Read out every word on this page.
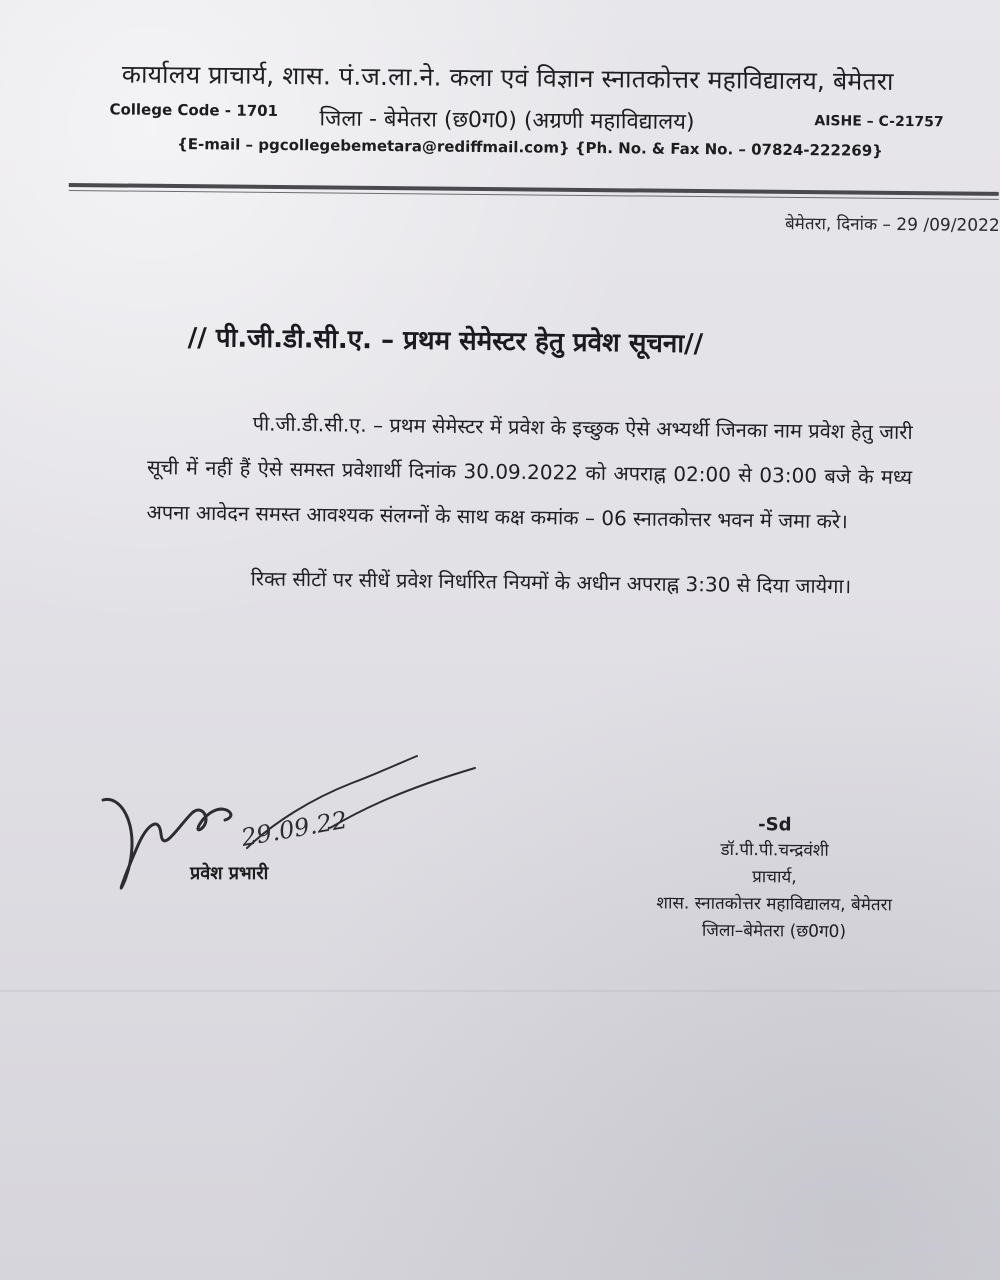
कार्यालय प्राचार्य, शास. पं.ज.ला.ने. कला एवं विज्ञान स्नातकोत्तर महाविद्यालय, बेमेतरा
College Code - 1701 जिला - बेमेतरा (छ0ग0) (अग्रणी महाविद्यालय)	AISHE – C-21757
{E-mail – pgcollegebemetara@rediffmail.com} {Ph. No. & Fax No. – 07824-222269}
बेमेतरा, दिनांक – 29 /09/2022
// पी.जी.डी.सी.ए. – प्रथम सेमेस्टर हेतु प्रवेश सूचना//

पी.जी.डी.सी.ए. – प्रथम सेमेस्टर में प्रवेश के इच्छुक ऐसे अभ्यर्थी जिनका नाम प्रवेश हेतु जारी सूची में नहीं हैं ऐसे समस्त प्रवेशार्थी दिनांक 30.09.2022 को अपराह्न 02:00 से 03:00 बजे के मध्य अपना आवेदन समस्त आवश्यक संलग्नों के साथ कक्ष कमांक – 06 स्नातकोत्तर भवन में जमा करे।

रिक्त सीटों पर सीधें प्रवेश निर्धारित नियमों के अधीन अपराह्न 3:30 से दिया जायेगा।

29.09.22
प्रवेश प्रभारी
-Sd
डॉ.पी.पी.चन्द्रवंशी
प्राचार्य,
शास. स्नातकोत्तर महाविद्यालय, बेमेतरा
जिला–बेमेतरा (छ0ग0)
